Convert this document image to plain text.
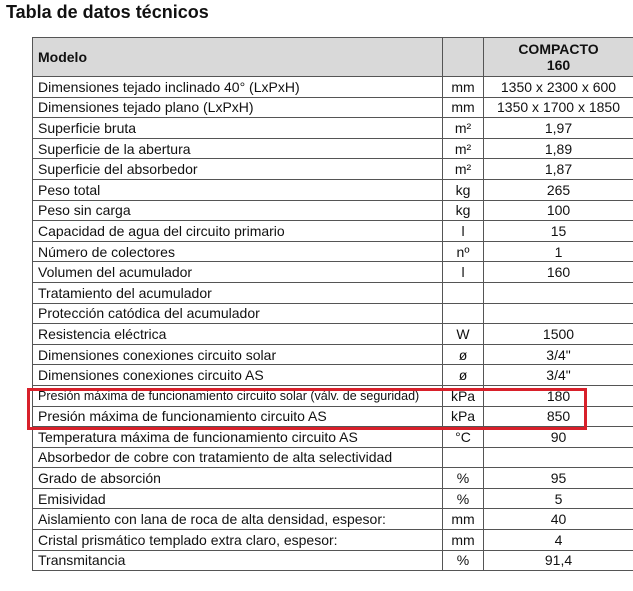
Tabla de datos técnicos
Modelo		COMPACTO
160
Dimensiones tejado inclinado 40° (LxPxH)	mm	1350 x 2300 x 600
Dimensiones tejado plano (LxPxH)	mm	1350 x 1700 x 1850
Superficie bruta	m²	1,97
Superficie de la abertura	m²	1,89
Superficie del absorbedor	m²	1,87
Peso total	kg	265
Peso sin carga	kg	100
Capacidad de agua del circuito primario	l	15
Número de colectores	nº	1
Volumen del acumulador	l	160
Tratamiento del acumulador		
Protección catódica del acumulador		
Resistencia eléctrica	W	1500
Dimensiones conexiones circuito solar	ø	3/4"
Dimensiones conexiones circuito AS	ø	3/4"
Presión máxima de funcionamiento circuito solar (válv. de seguridad)	kPa	180
Presión máxima de funcionamiento circuito AS	kPa	850
Temperatura máxima de funcionamiento circuito AS	°C	90
Absorbedor de cobre con tratamiento de alta selectividad		
Grado de absorción	%	95
Emisividad	%	5
Aislamiento con lana de roca de alta densidad, espesor:	mm	40
Cristal prismático templado extra claro, espesor:	mm	4
Transmitancia	%	91,4
